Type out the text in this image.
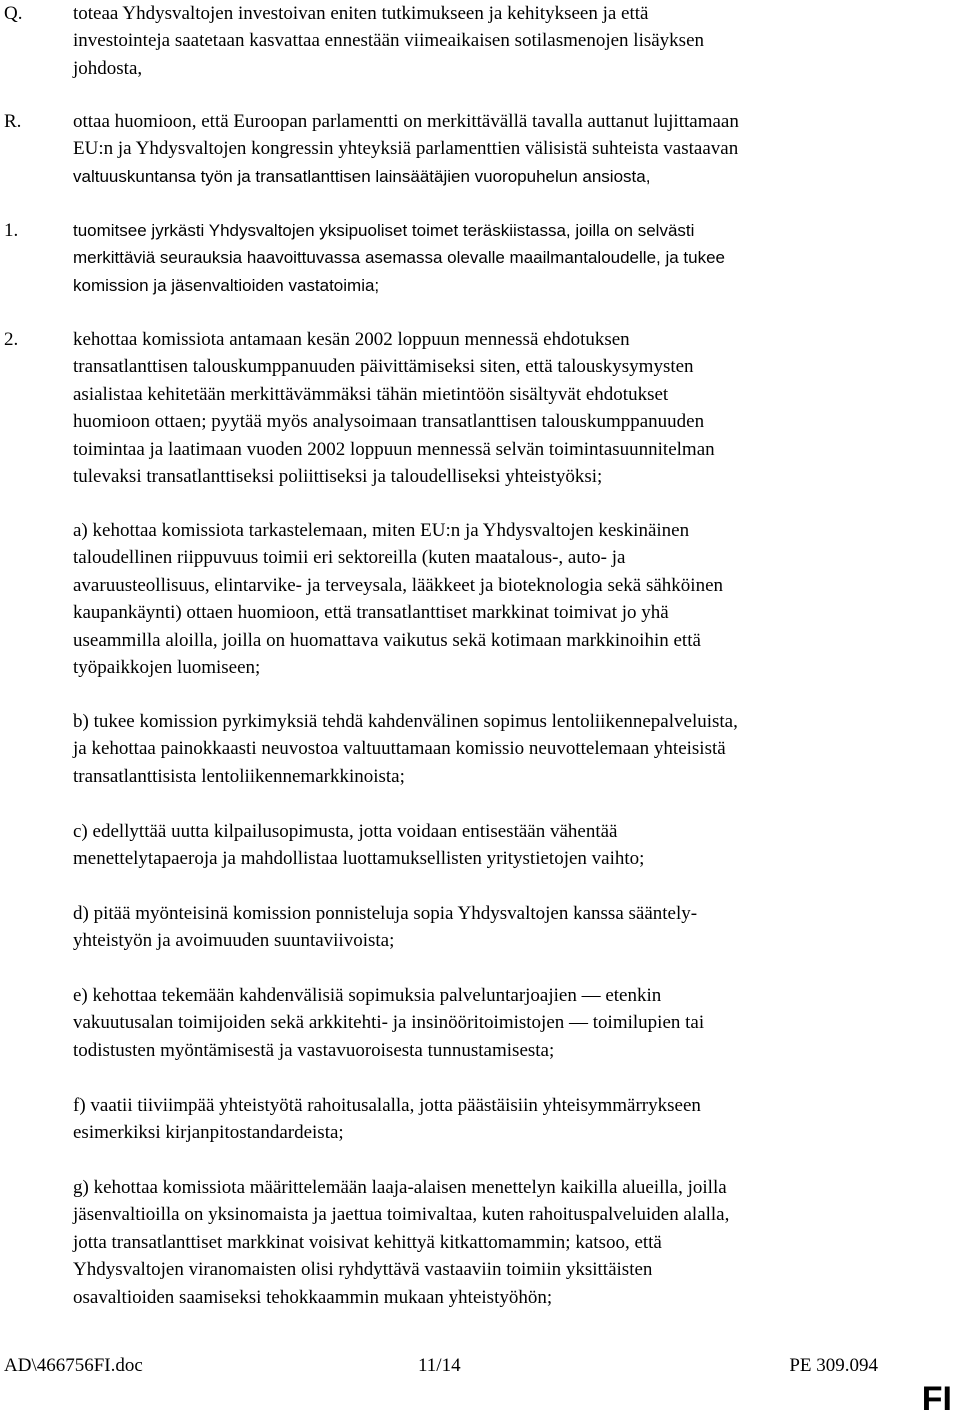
Q.	toteaa Yhdysvaltojen investoivan eniten tutkimukseen ja kehitykseen ja että
investointeja saatetaan kasvattaa ennestään viimeaikaisen sotilasmenojen lisäyksen
johdosta,
R.	ottaa huomioon, että Euroopan parlamentti on merkittävällä tavalla auttanut lujittamaan
EU:n ja Yhdysvaltojen kongressin yhteyksiä parlamenttien välisistä suhteista vastaavan
valtuuskuntansa työn ja transatlanttisen lainsäätäjien vuoropuhelun ansiosta,
1.	tuomitsee jyrkästi Yhdysvaltojen yksipuoliset toimet teräskiistassa, joilla on selvästi
merkittäviä seurauksia haavoittuvassa asemassa olevalle maailmantaloudelle, ja tukee
komission ja jäsenvaltioiden vastatoimia;
2.	kehottaa komissiota antamaan kesän 2002 loppuun mennessä ehdotuksen
transatlanttisen talouskumppanuuden päivittämiseksi siten, että talouskysymysten
asialistaa kehitetään merkittävämmäksi tähän mietintöön sisältyvät ehdotukset
huomioon ottaen; pyytää myös analysoimaan transatlanttisen talouskumppanuuden
toimintaa ja laatimaan vuoden 2002 loppuun mennessä selvän toimintasuunnitelman
tulevaksi transatlanttiseksi poliittiseksi ja taloudelliseksi yhteistyöksi;
a) kehottaa komissiota tarkastelemaan, miten EU:n ja Yhdysvaltojen keskinäinen
taloudellinen riippuvuus toimii eri sektoreilla (kuten maatalous-, auto- ja
avaruusteollisuus, elintarvike- ja terveysala, lääkkeet ja bioteknologia sekä sähköinen
kaupankäynti) ottaen huomioon, että transatlanttiset markkinat toimivat jo yhä
useammilla aloilla, joilla on huomattava vaikutus sekä kotimaan markkinoihin että
työpaikkojen luomiseen;
b) tukee komission pyrkimyksiä tehdä kahdenvälinen sopimus lentoliikennepalveluista,
ja kehottaa painokkaasti neuvostoa valtuuttamaan komissio neuvottelemaan yhteisistä
transatlanttisista lentoliikennemarkkinoista;
c) edellyttää uutta kilpailusopimusta, jotta voidaan entisestään vähentää
menettelytapaeroja ja mahdollistaa luottamuksellisten yritystietojen vaihto;
d) pitää myönteisinä komission ponnisteluja sopia Yhdysvaltojen kanssa sääntely-
yhteistyön ja avoimuuden suuntaviivoista;
e) kehottaa tekemään kahdenvälisiä sopimuksia palveluntarjoajien — etenkin
vakuutusalan toimijoiden sekä arkkitehti- ja insinööritoimistojen — toimilupien tai
todistusten myöntämisestä ja vastavuoroisesta tunnustamisesta;
f) vaatii tiiviimpää yhteistyötä rahoitusalalla, jotta päästäisiin yhteisymmärrykseen
esimerkiksi kirjanpitostandardeista;
g) kehottaa komissiota määrittelemään laaja-alaisen menettelyn kaikilla alueilla, joilla
jäsenvaltioilla on yksinomaista ja jaettua toimivaltaa, kuten rahoituspalveluiden alalla,
jotta transatlanttiset markkinat voisivat kehittyä kitkattomammin; katsoo, että
Yhdysvaltojen viranomaisten olisi ryhdyttävä vastaaviin toimiin yksittäisten
osavaltioiden saamiseksi tehokkaammin mukaan yhteistyöhön;
AD\466756FI.doc	11/14	PE 309.094
FI
